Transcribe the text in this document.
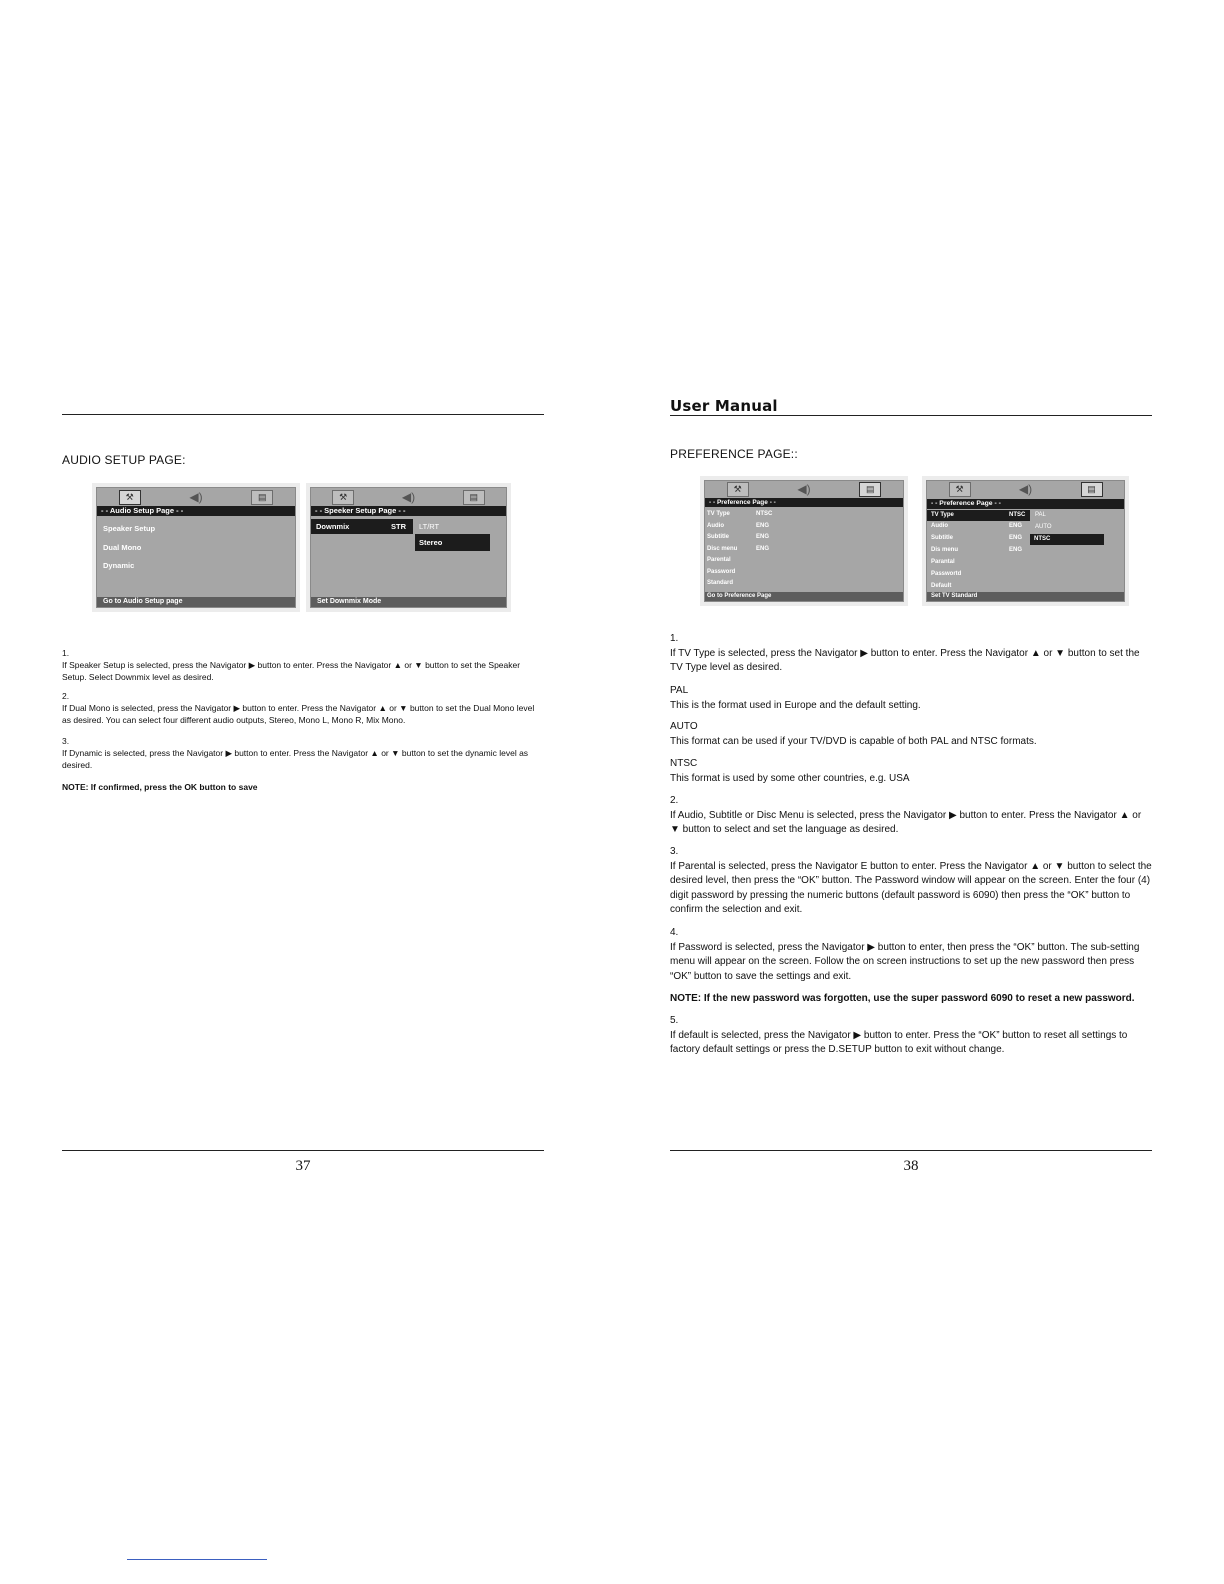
AUDIO SETUP PAGE:
⚒	◀)	▤
- - Audio Setup Page - -
Speaker Setup
Dual Mono
Dynamic
Go to Audio Setup page
⚒	◀)	▤
- - Speeker Setup Page - -
Downmix	STR LT/RT
Stereo
Set Downmix Mode
1.
If Speaker Setup is selected, press the Navigator ▶ button to enter. Press the Navigator ▲ or ▼ button to set the Speaker Setup. Select Downmix level as desired.
2.
If Dual Mono is selected, press the Navigator ▶ button to enter. Press the Navigator ▲ or ▼ button to set the Dual Mono level as desired. You can select four different audio outputs, Stereo, Mono L, Mono R, Mix Mono.
3.
If Dynamic is selected, press the Navigator ▶ button to enter. Press the Navigator ▲ or ▼ button to set the dynamic level as desired.
NOTE: If confirmed, press the OK button to save
37
User Manual
PREFERENCE PAGE::
⚒	◀)	▤
- - Preference Page - -
TV Type	NTSC
Audio	ENG
Subtitle	ENG
Disc menu	ENG
Parental
Password
Standard
Go to Preference Page
⚒	◀)	▤
- - Preference Page - -
TV Type	NTSC
Audio	ENG
Subtitle	ENG
Dis menu	ENG
Parantal
Passwortd
Default
PAL
AUTO
NTSC
Set TV Standard
1.
If TV Type is selected, press the Navigator ▶ button to enter. Press the Navigator ▲ or ▼ button to set the TV Type level as desired.
PAL
This is the format used in Europe and the default setting.
AUTO
This format can be used if your TV/DVD is capable of both PAL and NTSC formats.
NTSC
This format is used by some other countries, e.g. USA
2.
If Audio, Subtitle or Disc Menu is selected, press the Navigator ▶ button to enter. Press the Navigator ▲ or ▼ button to select and set the language as desired.
3.
If Parental is selected, press the Navigator E button to enter. Press the Navigator ▲ or ▼ button to select the desired level, then press the “OK” button. The Password window will appear on the screen. Enter the four (4) digit password by pressing the numeric buttons (default password is 6090) then press the “OK” button to confirm the selection and exit.
4.
If Password is selected, press the Navigator ▶ button to enter, then press the “OK” button. The sub-setting menu will appear on the screen. Follow the on screen instructions to set up the new password then press “OK” button to save the settings and exit.
NOTE: If the new password was forgotten, use the super password 6090 to reset a new password.
5.
If default is selected, press the Navigator ▶ button to enter. Press the “OK” button to reset all settings to factory default settings or press the D.SETUP button to exit without change.
38
